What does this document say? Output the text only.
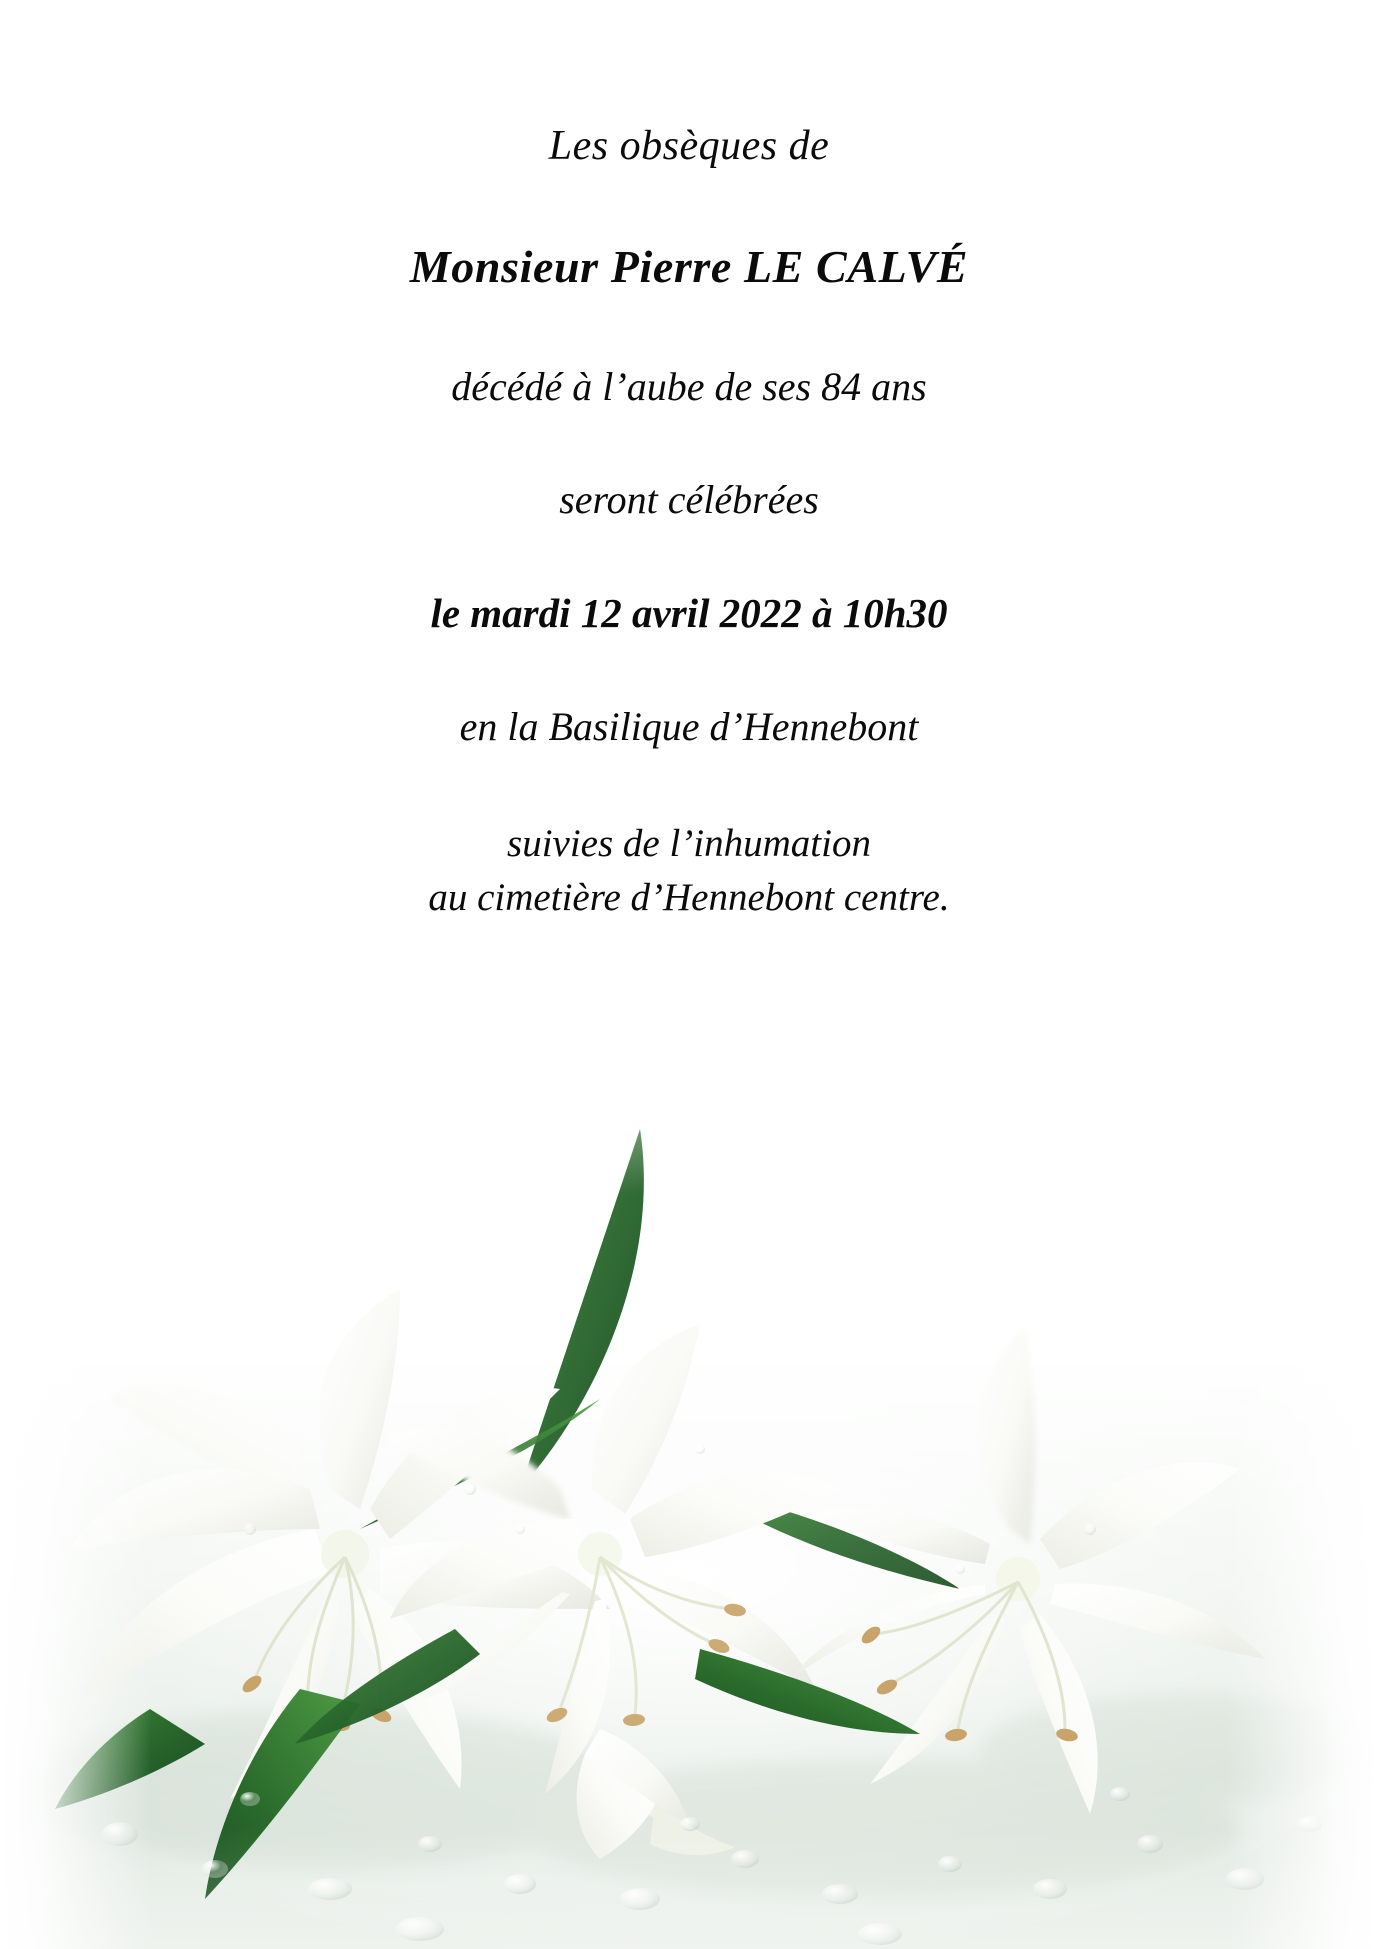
Les obsèques de
Monsieur Pierre LE CALVÉ
décédé à l’aube de ses 84 ans
seront célébrées
le mardi 12 avril 2022 à 10h30
en la Basilique d’Hennebont
suivies de l’inhumation
au cimetière d’Hennebont centre.
